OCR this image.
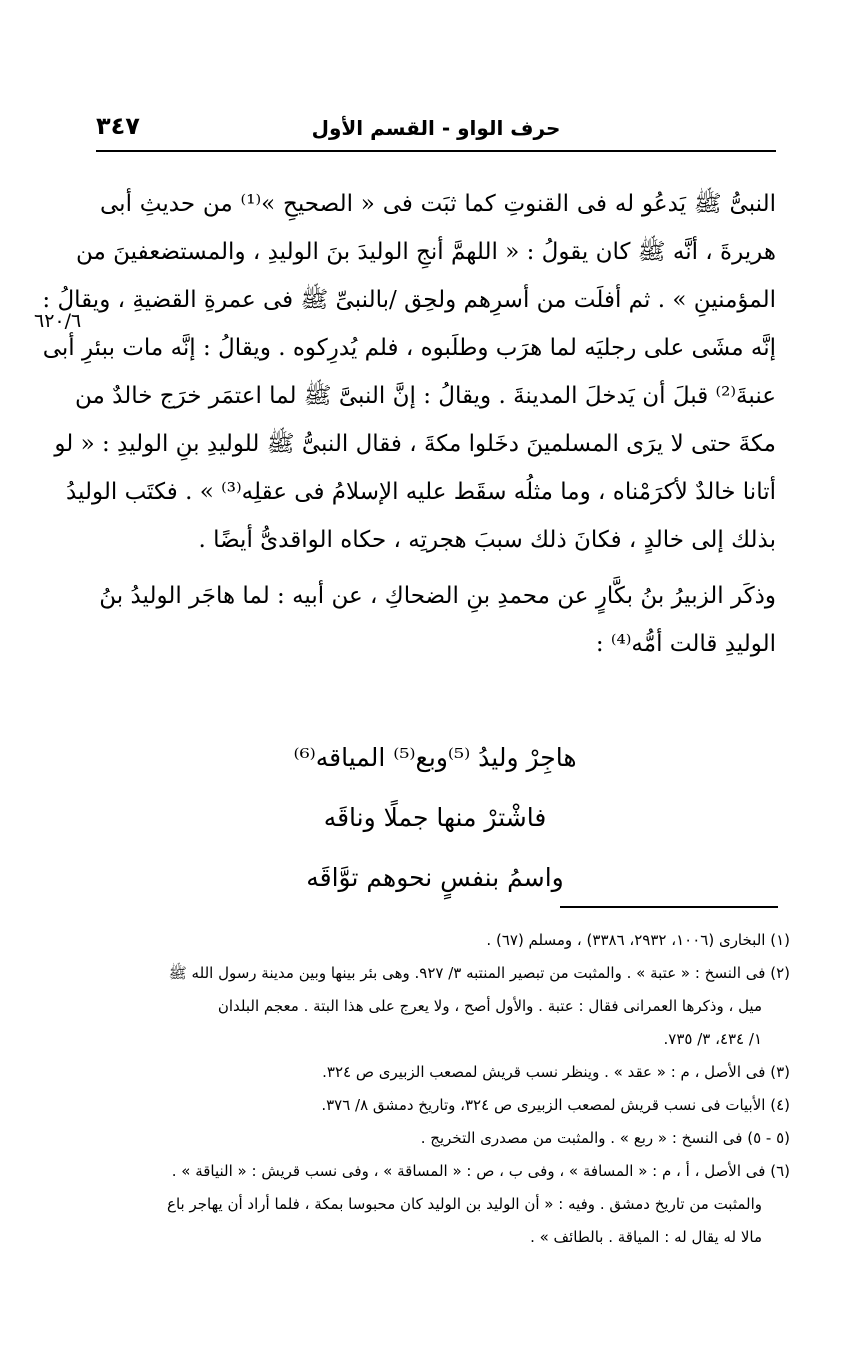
حرف الواو - القسم الأول
٣٤٧
٦٢٠/٦
النبىُّ ﷺ يَدعُو له فى القنوتِ كما ثبَت فى « الصحيحِ »⁽¹⁾ من حديثِ أبى
هريرةَ ، أنَّه ﷺ كان يقولُ : « اللهمَّ أنجِ الوليدَ بنَ الوليدِ ، والمستضعفينَ من
المؤمنينِ » . ثم أفلَت من أسرِهم ولحِق /بالنبىِّ ﷺ فى عمرةِ القضيةِ ، ويقالُ :
إنَّه مشَى على رجليَه لما هرَب وطلَبوه ، فلم يُدرِكوه . ويقالُ : إنَّه مات ببئرِ أبى
عنبةَ⁽²⁾ قبلَ أن يَدخلَ المدينةَ . ويقالُ : إنَّ النبىَّ ﷺ لما اعتمَر خرَج خالدٌ من
مكةَ حتى لا يرَى المسلمينَ دخَلوا مكةَ ، فقال النبىُّ ﷺ للوليدِ بنِ الوليدِ : « لو
أتانا خالدٌ لأكرَمْناه ، وما مثلُه سقَط عليه الإسلامُ فى عقلِه⁽³⁾ » . فكتَب الوليدُ
بذلك إلى خالدٍ ، فكانَ ذلك سببَ هجرتِه ، حكاه الواقدىُّ أيضًا .
وذكَر الزبيرُ بنُ بكَّارٍ عن محمدِ بنِ الضحاكِ ، عن أبيه : لما هاجَر الوليدُ بنُ
الوليدِ قالت أمُّه⁽⁴⁾ :
هاجِرْ وليدُ ⁽⁵⁾وبع⁽⁵⁾ المياقه⁽⁶⁾
فاشْترْ منها جملًا وناقَه
واسمُ بنفسٍ نحوهم توَّاقَه
(١) البخارى (١٠٠٦، ٢٩٣٢، ٣٣٨٦) ، ومسلم (٦٧) .
(٢) فى النسخ : « عتبة » . والمثبت من تبصير المنتبه ٣/ ٩٢٧. وهى بئر بينها وبين مدينة رسول الله ﷺ
ميل ، وذكرها العمرانى فقال : عتبة . والأول أصح ، ولا يعرج على هذا البتة . معجم البلدان
١/ ٤٣٤، ٣/ ٧٣٥.
(٣) فى الأصل ، م : « عقد » . وينظر نسب قريش لمصعب الزبيرى ص ٣٢٤.
(٤) الأبيات فى نسب قريش لمصعب الزبيرى ص ٣٢٤، وتاريخ دمشق ٨/ ٣٧٦.
(٥ - ٥) فى النسخ : « ربع » . والمثبت من مصدرى التخريج .
(٦) فى الأصل ، أ ، م : « المسافة » ، وفى ب ، ص : « المساقة » ، وفى نسب قريش : « النياقة » .
والمثبت من تاريخ دمشق . وفيه : « أن الوليد بن الوليد كان محبوسا بمكة ، فلما أراد أن يهاجر باع
مالا له يقال له : المياقة . بالطائف » .
